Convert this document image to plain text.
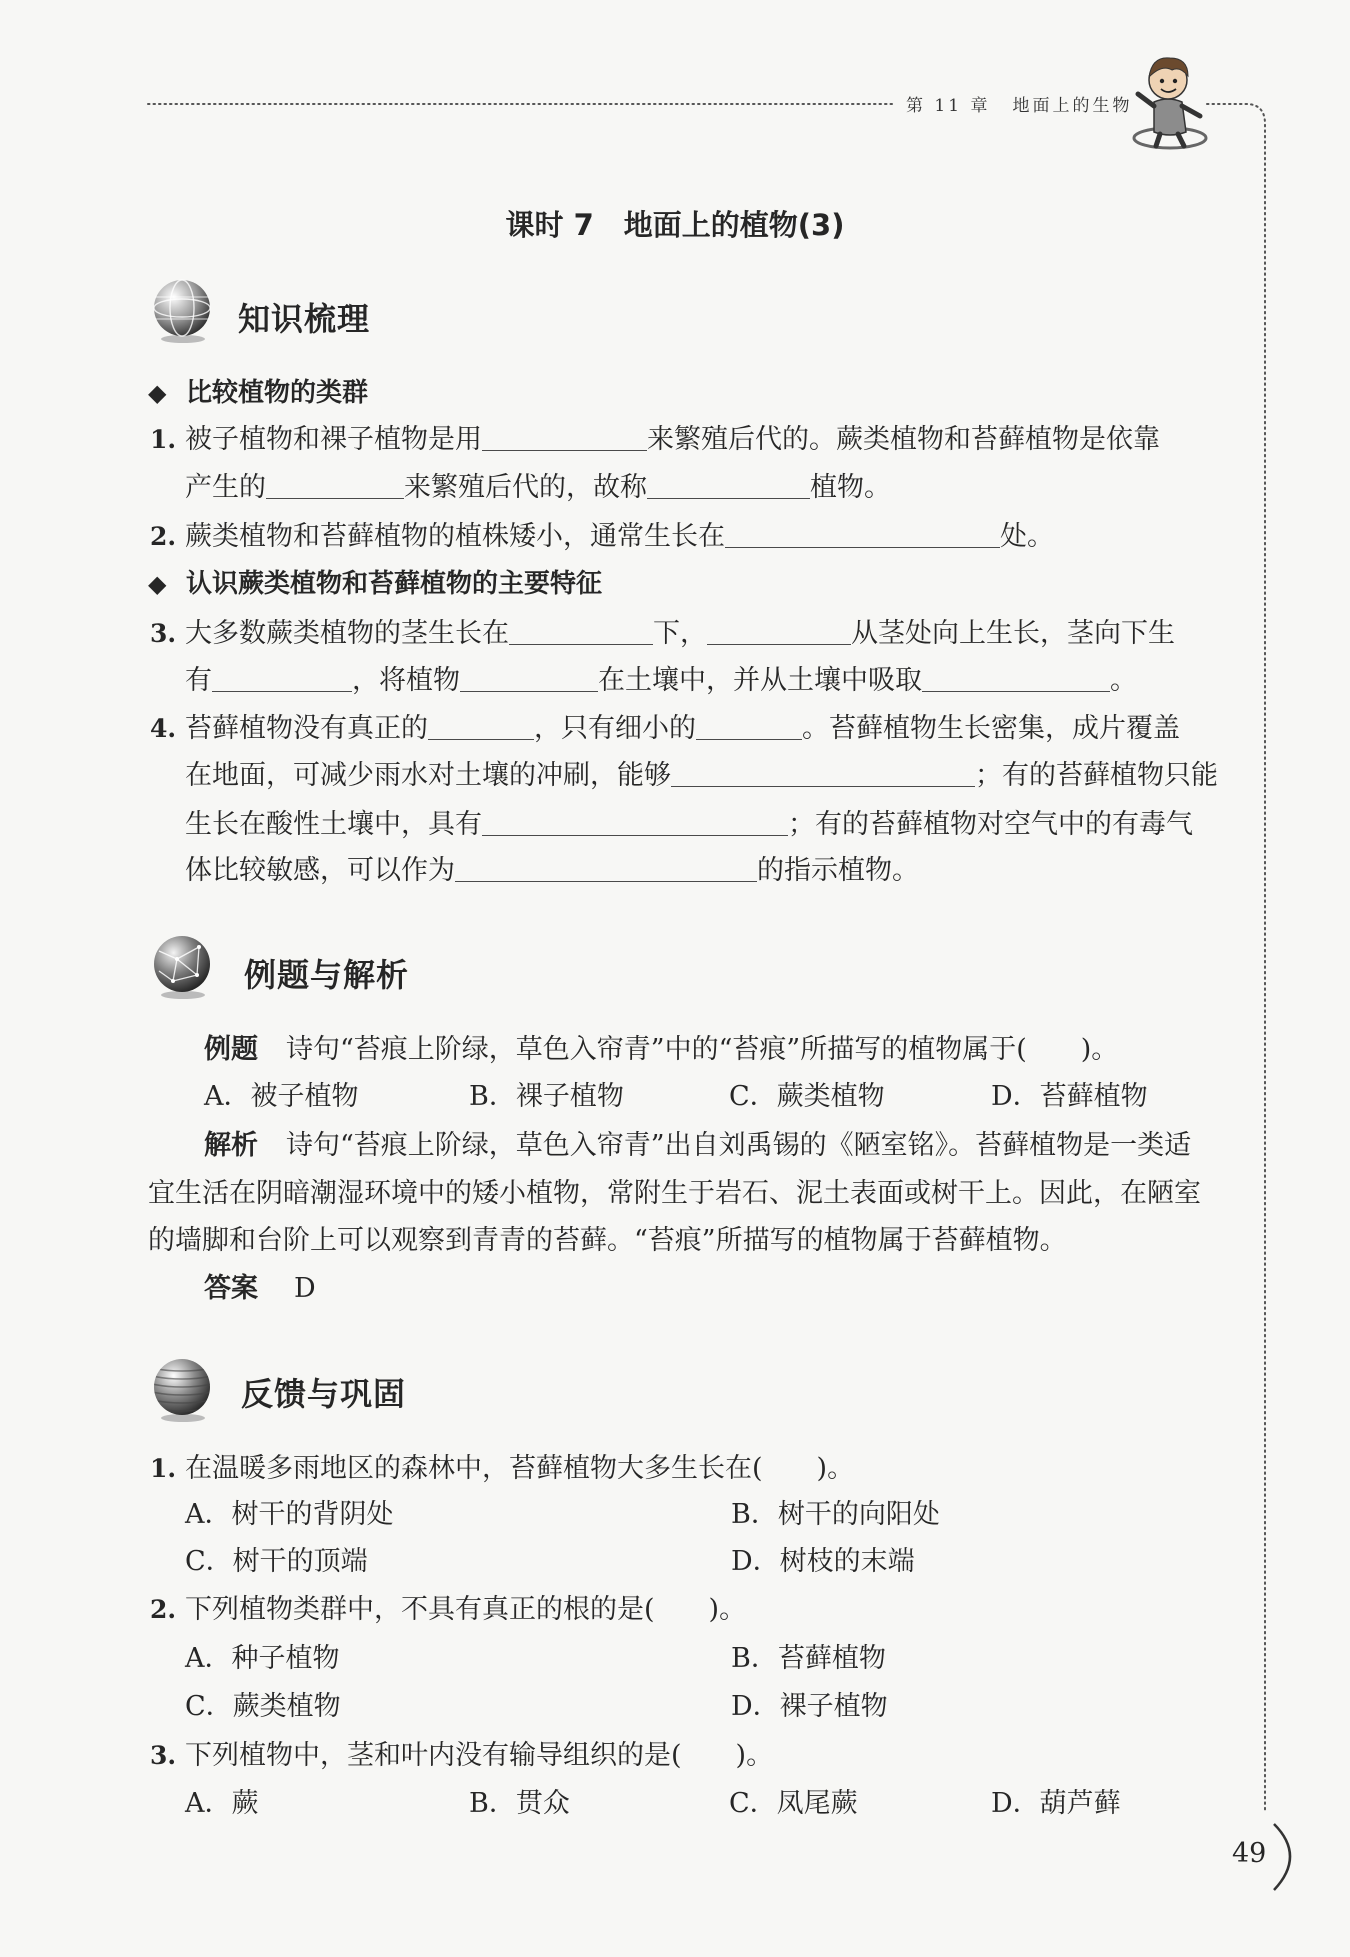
第 11 章 地面上的生物
课时 7 地面上的植物(3)
知识梳理
◆ 比较植物的类群
1. 被子植物和裸子植物是用	来繁殖后代的。蕨类植物和苔藓植物是依靠
产生的	来繁殖后代的，故称	植物。
2. 蕨类植物和苔藓植物的植株矮小，通常生长在	处。
◆ 认识蕨类植物和苔藓植物的主要特征
3. 大多数蕨类植物的茎生长在	下，	从茎处向上生长，茎向下生
有	，将植物	在土壤中，并从土壤中吸取	。
4. 苔藓植物没有真正的	，只有细小的	。苔藓植物生长密集，成片覆盖
在地面，可减少雨水对土壤的冲刷，能够	；有的苔藓植物只能
生长在酸性土壤中，具有	；有的苔藓植物对空气中的有毒气
体比较敏感，可以作为	的指示植物。
例题与解析
例题 诗句“苔痕上阶绿，草色入帘青”中的“苔痕”所描写的植物属于(　　)。
A．被子植物	B．裸子植物	C．蕨类植物	D．苔藓植物
解析 诗句“苔痕上阶绿，草色入帘青”出自刘禹锡的《陋室铭》。苔藓植物是一类适
宜生活在阴暗潮湿环境中的矮小植物，常附生于岩石、泥土表面或树干上。因此，在陋室
的墙脚和台阶上可以观察到青青的苔藓。“苔痕”所描写的植物属于苔藓植物。
答案 D
反馈与巩固
1. 在温暖多雨地区的森林中，苔藓植物大多生长在(　　)。
A．树干的背阴处	B．树干的向阳处
C．树干的顶端	D．树枝的末端
2. 下列植物类群中，不具有真正的根的是(　　)。
A．种子植物	B．苔藓植物
C．蕨类植物	D．裸子植物
3. 下列植物中，茎和叶内没有输导组织的是(　　)。
A．蕨	B．贯众	C．凤尾蕨	D．葫芦藓
49
